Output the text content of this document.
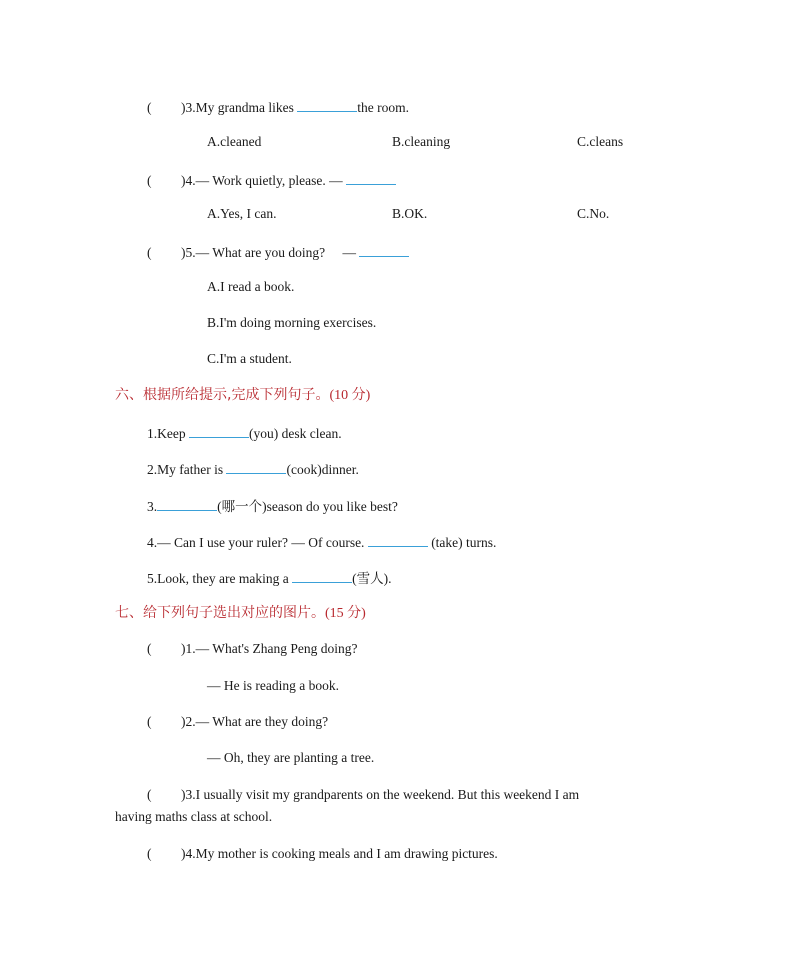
( )3.My grandma likes	the room.
A.cleaned	B.cleaning	C.cleans
( )4.— Work quietly, please. —
A.Yes, I can.	B.OK.	C.No.
( )5.— What are you doing? —
A.I read a book.
B.I'm doing morning exercises.
C.I'm a student.
六、根据所给提示,完成下列句子。(10 分)
1.Keep	(you) desk clean.
2.My father is	(cook)dinner.
3.	(哪一个)season do you like best?
4.— Can I use your ruler? — Of course.	(take) turns.
5.Look, they are making a	(雪人).
七、给下列句子选出对应的图片。(15 分)
( )1.— What's Zhang Peng doing?
— He is reading a book.
( )2.— What are they doing?
— Oh, they are planting a tree.
( )3.I usually visit my grandparents on the weekend. But this weekend I am
having maths class at school.
( )4.My mother is cooking meals and I am drawing pictures.
